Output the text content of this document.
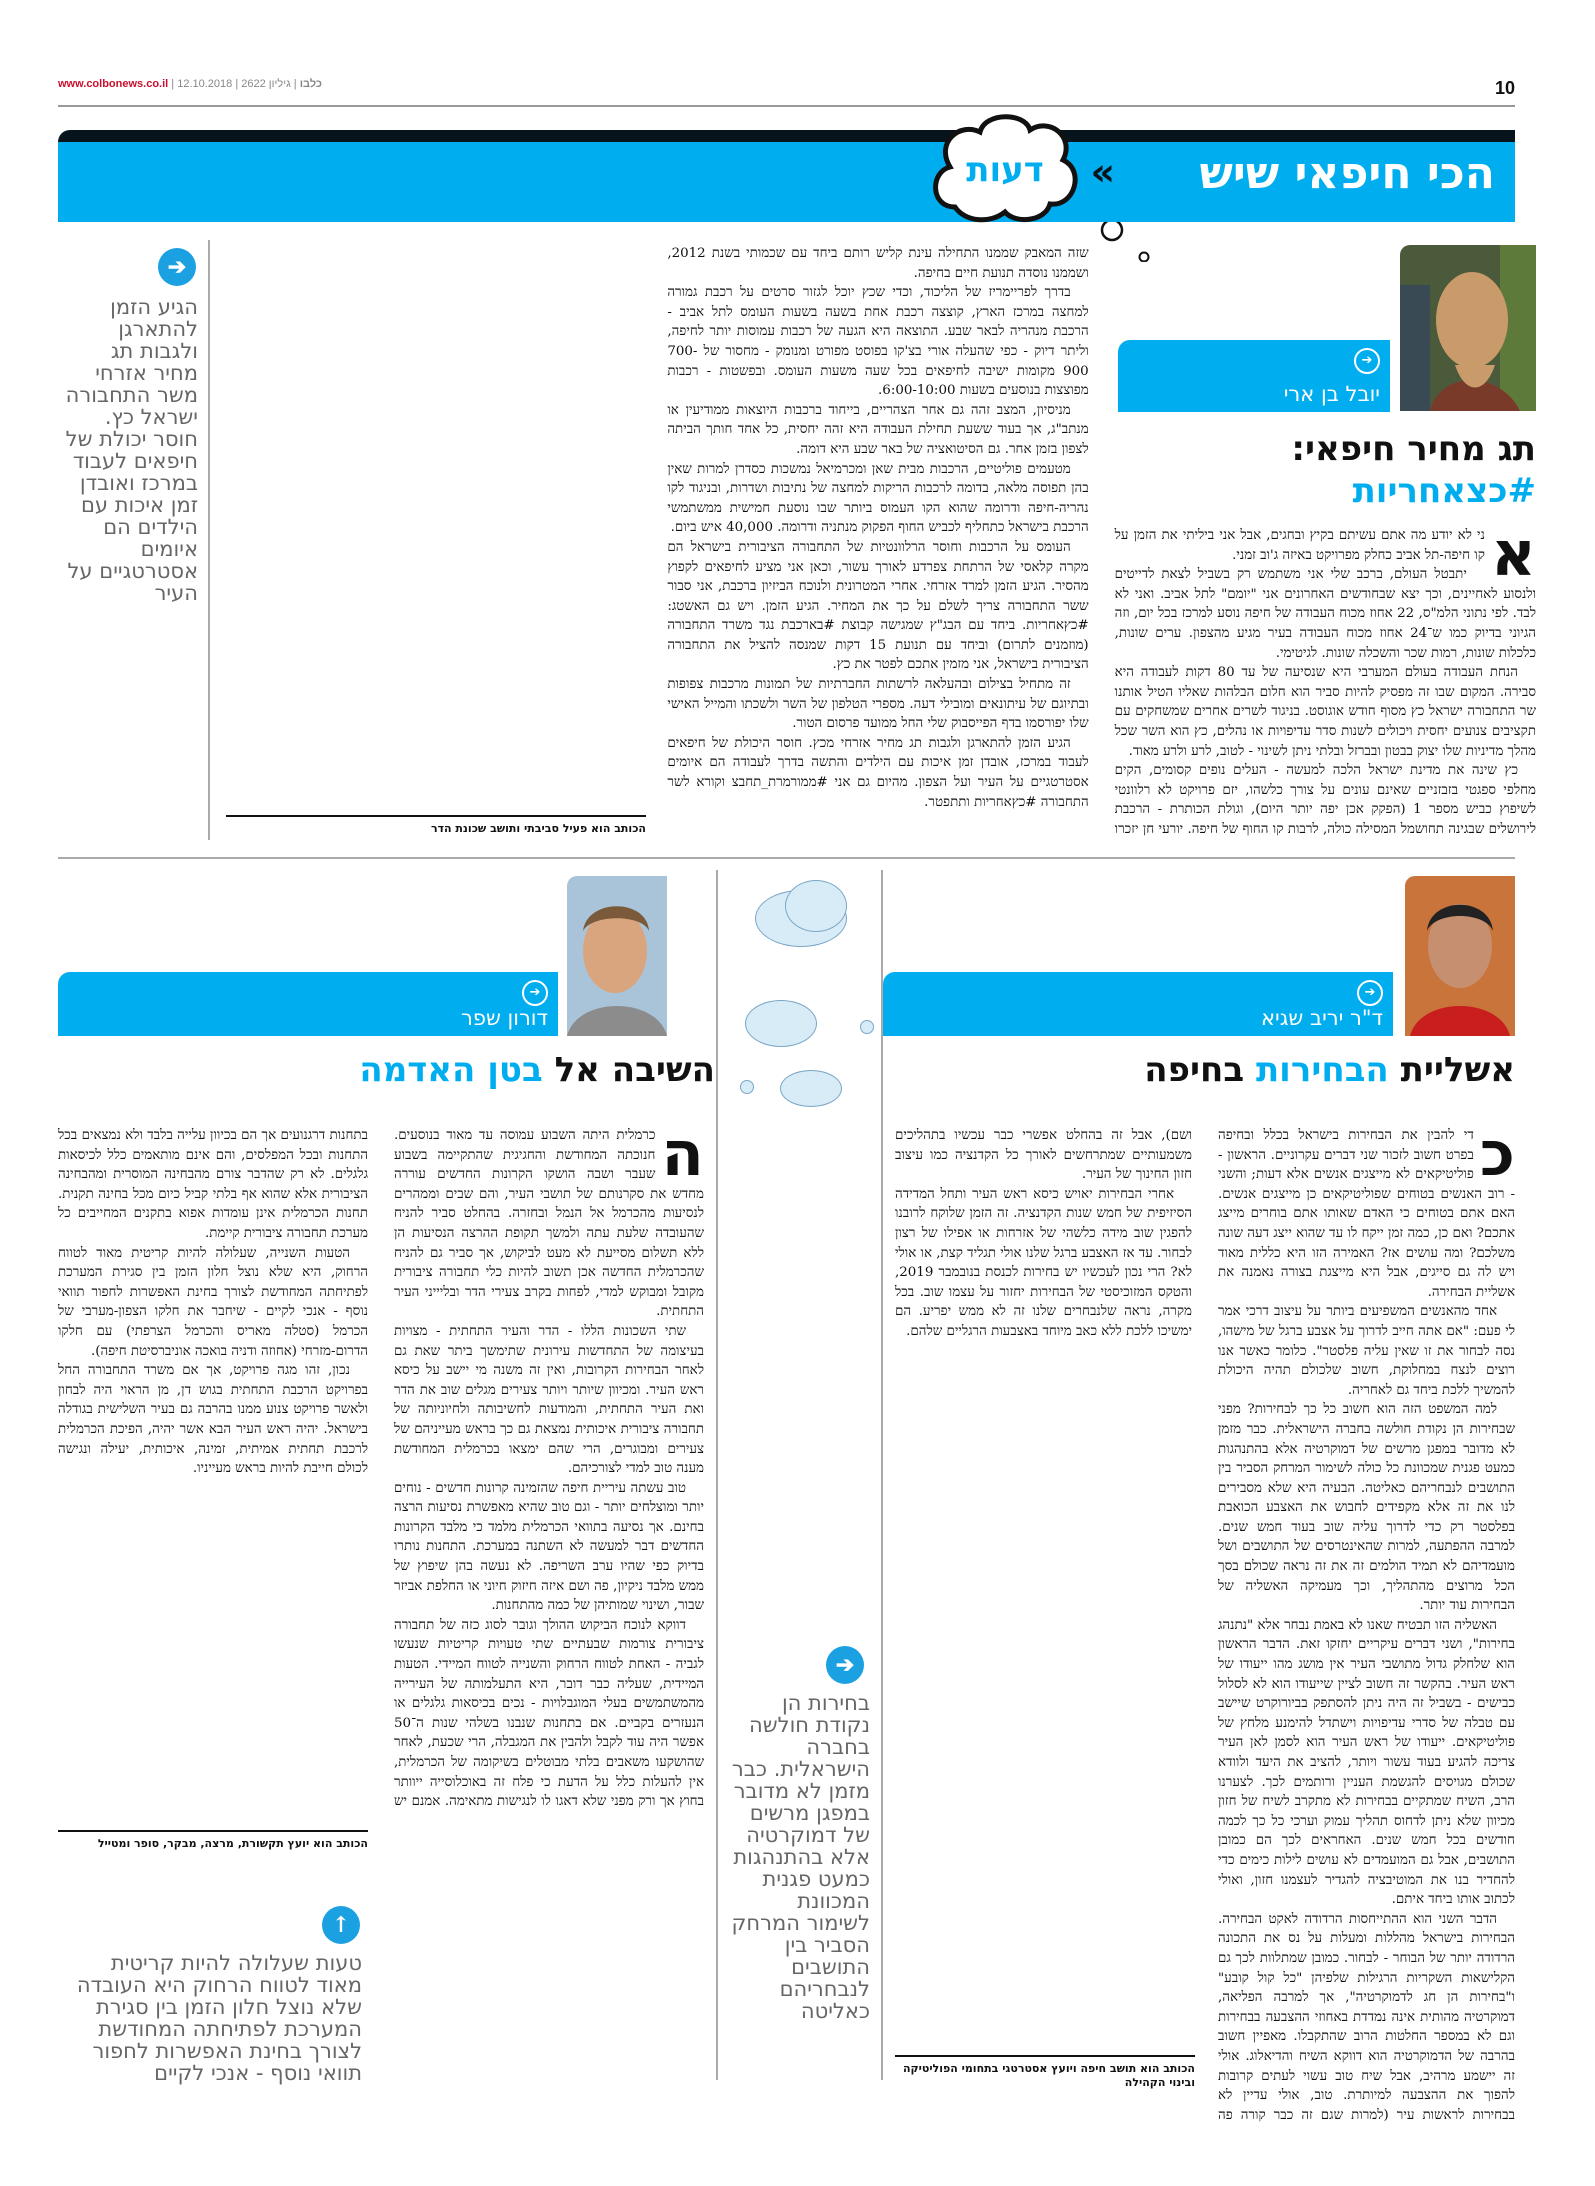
www.colbonews.co.il |	כלבו | גיליון 2622 | 12.10.2018	10
הכי חיפאי שיש
«
דעות
➔
יובל בן ארי
תג מחיר חיפאי:
#כצאחריות
א

ני לא יודע מה אתם עשיתם בקיץ ובחגים, אבל אני ביליתי את הזמן על קו חיפה-תל אביב כחלק מפרויקט באיזה ג'וב זמני.

יתבטל העולם, ברכב שלי אני משתמש רק בשביל לצאת לדייטים ולנסוע לאחיינים, וכך יצא שבחודשים האחרונים אני "יומם" לתל אביב. ואני לא לבד. לפי נתוני הלמ"ס, 22 אחוז מכוח העבודה של חיפה נוסע למרכז בכל יום, וזה הגיוני בדיוק כמו ש־24 אחוז מכוח העבודה בעיר מגיע מהצפון. ערים שונות, כלכלות שונות, רמות שכר והשכלה שונות. לגיטימי.

הנחת העבודה בעולם המערבי היא שנסיעה של עד 80 דקות לעבודה היא סבירה. המקום שבו זה מפסיק להיות סביר הוא חלום הבלהות שאליו הטיל אותנו שר התחבורה ישראל כץ מסוף חודש אוגוסט. בניגוד לשרים אחרים שמשחקים עם תקציבים צנועים יחסית ויכולים לשנות סדר עדיפויות או נהלים, כץ הוא השר שכל מהלך מדיניות שלו יצוק בבטון ובברזל ובלתי ניתן לשינוי - לטוב, לרע ולרע מאוד.

כץ שינה את מדינת ישראל הלכה למעשה - העלים נופים קסומים, הקים מחלפי ספגטי בזבזניים שאינם עונים על צורך כלשהו, יזם פרויקט לא רלוונטי לשיפוץ כביש מספר 1 (הפקק אכן יפה יותר היום), וגולת הכותרת - הרכבת לירושלים שבגינה תחושמל המסילה כולה, לרבות קו החוף של חיפה. יורעי חן יזכרו שזה המאבק שממנו התחילה עינת קליש רותם ביחד עם שכמותי בשנת 2012, ושממנו נוסדה תנועת חיים בחיפה.

בדרך לפריימריז של הליכוד, וכדי שכץ יוכל לגזור סרטים על רכבת גמורה למחצה במרכז הארץ, קוצצה רכבת אחת בשעה בשעות העומס לתל אביב - הרכבת מנהריה לבאר שבע. התוצאה היא הגעה של רכבות עמוסות יותר לחיפה, וליתר דיוק - כפי שהעלה אורי בצ'קו בפוסט מפורט ומנומק - מחסור של 700-900 מקומות ישיבה לחיפאים בכל שעה משעות העומס. ובפשטות - רכבות מפוצצות בנוסעים בשעות 6:00-10:00.

מניסיון, המצב זהה גם אחר הצהריים, בייחוד ברכבות היוצאות ממודיעין או מנתב"ג, אך בעוד ששעת תחילת העבודה היא זהה יחסית, כל אחד חותך הביתה לצפון בזמן אחר. גם הסיטואציה של באר שבע היא דומה.

מטעמים פוליטיים, הרכבות מבית שאן ומכרמיאל נמשכות כסדרן למרות שאין בהן תפוסה מלאה, בדומה לרכבות הריקות למחצה של נתיבות ושדרות, ובניגוד לקו נהריה-חיפה ודרומה שהוא הקו העמוס ביותר שבו נוסעת חמישית ממשתמשי הרכבת בישראל כתחליף לכביש החוף הפקוק מנתניה ודרומה. 40,000 איש ביום.

העומס על הרכבות וחוסר הרלוונטיות של התחבורה הציבורית בישראל הם מקרה קלאסי של הרתחת צפרדע לאורך עשור, וכאן אני מציע לחיפאים לקפוץ מהסיר. הגיע הזמן למרד אזרחי. אחרי המטרונית ולנוכח הביזיון ברכבת, אני סבור ששר התחבורה צריך לשלם על כך את המחיר. הגיע הזמן. ויש גם האשטג: #כץאחריות. ביחד עם הבג"ץ שמגישה קבוצת #בארכבת נגד משרד התחבורה (מוזמנים לתרום) וביחד עם תנועת 15 דקות שמנסה להציל את התחבורה הציבורית בישראל, אני מזמין אתכם לפטר את כץ.

זה מתחיל בצילום ובהעלאה לרשתות החברתיות של תמונות מרכבות צפופות ובתיוגם של עיתונאים ומובילי דעה. מספרי הטלפון של השר ולשכתו והמייל האישי שלו יפורסמו בדף הפייסבוק שלי החל ממועד פרסום הטור.

הגיע הזמן להתארגן ולגבות תג מחיר אזרחי מכץ. חוסר היכולת של חיפאים לעבוד במרכז, אובדן זמן איכות עם הילדים והתשה בדרך לעבודה הם איומים אסטרטגיים על העיר ועל הצפון. מהיום גם אני #ממורמרת_תחבצ וקורא לשר התחבורה #כץאחריות ותתפטר.

הכותב הוא פעיל סביבתי ותושב שכונת הדר
➔
הגיע הזמן להתארגן ולגבות תג מחיר אזרחי משר התחבורה ישראל כץ. חוסר יכולת של חיפאים לעבוד במרכז ואובדן זמן איכות עם הילדים הם איומים אסטרטגיים על העיר
➔
ד"ר יריב שגיא
אשליית הבחירות בחיפה
כ

די להבין את הבחירות בישראל בכלל ובחיפה בפרט חשוב לזכור שני דברים עקרוניים. הראשון - פוליטיקאים לא מייצגים אנשים אלא דעות; והשני - רוב האנשים בטוחים שפוליטיקאים כן מייצגים אנשים. האם אתם בטוחים כי האדם שאותו אתם בוחרים מייצג אתכם? ואם כן, כמה זמן ייקח לו עד שהוא ייצג דעה שונה משלכם? ומה עושים אז? האמירה הזו היא כללית מאוד ויש לה גם סייגים, אבל היא מייצגת בצורה נאמנה את אשליית הבחירה.

אחד מהאנשים המשפיעים ביותר על עיצוב דרכי אמר לי פעם: "אם אתה חייב לדרוך על אצבע ברגל של מישהו, נסה לבחור את זו שאין עליה פלסטר". כלומר כאשר אנו רוצים לנצח במחלוקת, חשוב שלכולם תהיה היכולת להמשיך ללכת ביחד גם לאחריה.

למה המשפט הזה הוא חשוב כל כך לבחירות? מפני שבחירות הן נקודת חולשה בחברה הישראלית. כבר מזמן לא מדובר במפגן מרשים של דמוקרטיה אלא בהתנהגות כמעט פגנית שמכוונת כל כולה לשימור המרחק הסביר בין התושבים לנבחריהם כאליטה. הבעיה היא שלא מסבירים לנו את זה אלא מקפידים לחבוש את האצבע הכואבת בפלסטר רק כדי לדרוך עליה שוב בעוד חמש שנים. למרבה ההפתעה, למרות שהאינטרסים של התושבים ושל מועמדיהם לא תמיד הולמים זה את זה נראה שכולם בסך הכל מרוצים מהתהליך, וכך מעמיקה האשליה של הבחירות עוד יותר.

האשליה הזו תבטיח שאנו לא באמת נבחר אלא "נתנהג בחירות", ושני דברים עיקריים יחזקו זאת. הדבר הראשון הוא שלחלק גדול מתושבי העיר אין מושג מהו ייעודו של ראש העיר. בהקשר זה חשוב לציין שייעודו הוא לא לסלול כבישים - בשביל זה היה ניתן להסתפק בביורוקרט שיישב עם טבלה של סדרי עדיפויות וישתדל להימנע מלחץ של פוליטיקאים. ייעודו של ראש העיר הוא לסמן לאן העיר צריכה להגיע בעוד עשור ויותר, להציב את היעד ולוודא שכולם מגויסים להגשמת העניין ורותמים לכך. לצערנו הרב, השיח שמתקיים בבחירות לא מתקרב לשיח של חזון מכיוון שלא ניתן לדחוס תהליך עמוק וערכי כל כך לכמה חודשים בכל חמש שנים. האחראים לכך הם כמובן התושבים, אבל גם המועמדים לא עושים לילות כימים כדי להחדיר בנו את המוטיבציה להגדיר לעצמנו חזון, ואולי לכתוב אותו ביחד איתם.

הדבר השני הוא ההתייחסות הרדודה לאקט הבחירה. הבחירות בישראל מהללות ומעלות על נס את התכונה הרדודה יותר של הבוחר - לבחור. כמובן שמתלוות לכך גם הקלישאות השקריות הרגילות שלפיהן "כל קול קובע" ו"בחירות הן חג לדמוקרטיה", אך למרבה הפליאה, דמוקרטיה מהותית אינה נמדדת באחוזי ההצבעה בבחירות וגם לא במספר החלטות הרוב שהתקבלו. מאפיין חשוב בהרבה של הדמוקרטיה הוא דווקא השיח והדיאלוג. אולי זה יישמע מרהיב, אבל שיח טוב עשוי לעתים קרובות להפוך את ההצבעה למיותרת. טוב, אולי עדיין לא בבחירות לראשות עיר (למרות שגם זה כבר קורה פה ושם), אבל זה בהחלט אפשרי כבר עכשיו בתהליכים משמעותיים שמתרחשים לאורך כל הקדנציה כמו עיצוב חזון החינוך של העיר.

אחרי הבחירות יאויש כיסא ראש העיר ותחל המדידה הסיזיפית של חמש שנות הקדנציה. זה הזמן שלוקח לרובנו להפגין שוב מידה כלשהי של אזרחות או אפילו של רצון לבחור. עד אז האצבע ברגל שלנו אולי תגליד קצת, או אולי לא? הרי נכון לעכשיו יש בחירות לכנסת בנובמבר 2019, והטקס המזוכיסטי של הבחירות יחזור על עצמו שוב. בכל מקרה, נראה שלנבחרים שלנו זה לא ממש יפריע. הם ימשיכו ללכת ללא כאב מיוחד באצבעות הרגליים שלהם.

הכותב הוא תושב חיפה ויועץ אסטרטגי בתחומי הפוליטיקה ובינוי הקהילה
➔
בחירות הן נקודת חולשה בחברה הישראלית. כבר מזמן לא מדובר במפגן מרשים של דמוקרטיה אלא בהתנהגות כמעט פגנית המכוונת לשימור המרחק הסביר בין התושבים לנבחריהם כאליטה
➔
דורון שפר
השיבה אל בטן האדמה
ה

כרמלית היתה השבוע עמוסה עד מאוד בנוסעים. חנוכתה המחודשת והחגיגית שהתקיימה בשבוע שעבר ושבה הושקו הקרונות החדשים עוררה מחדש את סקרנותם של תושבי העיר, והם שבים וממהרים לנסיעות מהכרמל אל הנמל ובחזרה. בהחלט סביר להניח שהעובדה שלעת עתה ולמשך תקופת ההרצה הנסיעות הן ללא תשלום מסייעת לא מעט לביקוש, אך סביר גם להניח שהכרמלית החדשה אכן תשוב להיות כלי תחבורה ציבורית מקובל ומבוקש למדי, לפחות בקרב צעירי הדר ובליייני העיר התחתית.

שתי השכונות הללו - הדר והעיר התחתית - מצויות בעיצומה של התחדשות עירונית שתימשך ביתר שאת גם לאחר הבחירות הקרובות, ואין זה משנה מי יישב על כיסא ראש העיר. ומכיוון שיותר ויותר צעירים מגלים שוב את הדר ואת העיר התחתית, והמודעות לחשיבותה ולחיוניותה של תחבורה ציבורית איכותית נמצאת גם כך בראש מעייניהם של צעירים ומבוגרים, הרי שהם ימצאו בכרמלית המחודשת מענה טוב למדי לצורכיהם.

טוב עשתה עיריית חיפה שהזמינה קרונות חדשים - נוחים יותר ומוצלחים יותר - וגם טוב שהיא מאפשרת נסיעות הרצה בחינם. אך נסיעה בתוואי הכרמלית מלמד כי מלבד הקרונות החדשים דבר למעשה לא השתנה במערכת. התחנות נותרו בדיוק כפי שהיו ערב השריפה. לא נעשה בהן שיפוץ של ממש מלבד ניקיון, פה ושם איזה חיזוק חיוני או החלפת אביזר שבור, ושינוי שמותיהן של כמה מהתחנות.

דווקא לנוכח הביקוש ההולך וגובר לסוג כזה של תחבורה ציבורית צורמות שבעתיים שתי טעויות קריטיות שנעשו לגביה - האחת לטווח הרחוק והשנייה לטווח המיידי. הטעות המיידית, שעליה כבר דובר, היא התעלמותה של העירייה מהמשתמשים בעלי המוגבלויות - נכים בכיסאות גלגלים או הנעזרים בקביים. אם בתחנות שנבנו בשלהי שנות ה־50 אפשר היה עוד לקבל ולהבין את המגבלה, הרי שכעת, לאחר שהושקעו משאבים בלתי מבוטלים בשיקומה של הכרמלית, אין להעלות כלל על הדעת כי פלח זה באוכלוסייה ייוותר בחוץ אך ורק מפני שלא דאגו לו לנגישות מתאימה. אמנם יש בתחנות דרגנועים אך הם בכיוון עלייה בלבד ולא נמצאים בכל התחנות ובכל המפלסים, והם אינם מותאמים כלל לכיסאות גלגלים. לא רק שהדבר צורם מהבחינה המוסרית ומהבחינה הציבורית אלא שהוא אף בלתי קביל כיום מכל בחינה תקנית. תחנות הכרמלית אינן עומדות אפוא בתקנים המחייבים כל מערכת תחבורה ציבורית קיימת.

הטעות השנייה, שעלולה להיות קריטית מאוד לטווח הרחוק, היא שלא נוצל חלון הזמן בין סגירת המערכת לפתיחתה המחודשת לצורך בחינת האפשרות לחפור תוואי נוסף - אנכי לקיים - שיחבר את חלקו הצפון-מערבי של הכרמל (סטלה מאריס והכרמל הצרפתי) עם חלקו הדרום-מזרחי (אחוזה ודניה בואכה אוניברסיטת חיפה).

נכון, זהו מגה פרויקט, אך אם משרד התחבורה החל בפרויקט הרכבת התחתית בגוש דן, מן הראוי היה לבחון ולאשר פרויקט צנוע ממנו בהרבה גם בעיר השלישית בגודלה בישראל. יהיה ראש העיר הבא אשר יהיה, הפיכת הכרמלית לרכבת תחתית אמיתית, זמינה, איכותית, יעילה ונגישה לכולם חייבת להיות בראש מעייניו.

הכותב הוא יועץ תקשורת, מרצה, מבקר, סופר ומטייל
↑
טעות שעלולה להיות קריטית מאוד לטווח הרחוק היא העובדה שלא נוצל חלון הזמן בין סגירת המערכת לפתיחתה המחודשת לצורך בחינת האפשרות לחפור תוואי נוסף - אנכי לקיים
